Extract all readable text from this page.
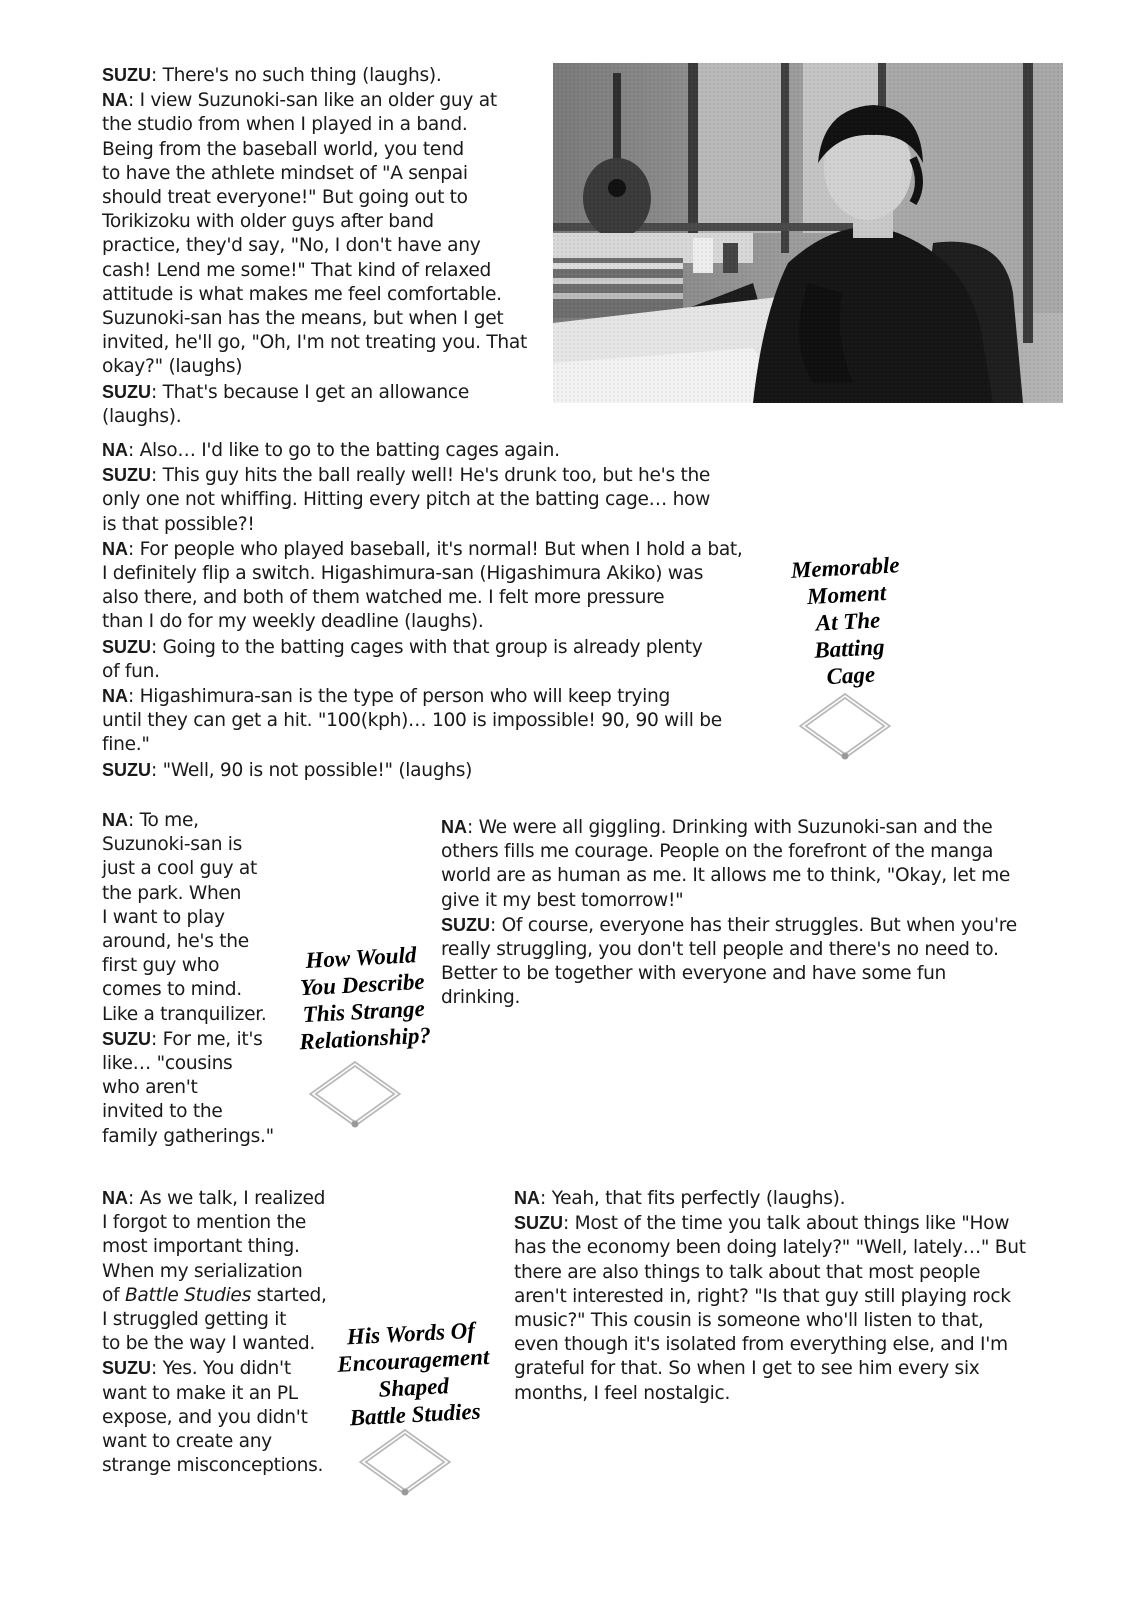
SUZU: There's no such thing (laughs).
NA: I view Suzunoki-san like an older guy at
the studio from when I played in a band.
Being from the baseball world, you tend
to have the athlete mindset of "A senpai
should treat everyone!" But going out to
Torikizoku with older guys after band
practice, they'd say, "No, I don't have any
cash! Lend me some!" That kind of relaxed
attitude is what makes me feel comfortable.
Suzunoki-san has the means, but when I get
invited, he'll go, "Oh, I'm not treating you. That
okay?" (laughs)
SUZU: That's because I get an allowance
(laughs).
NA: Also… I'd like to go to the batting cages again.
SUZU: This guy hits the ball really well! He's drunk too, but he's the
only one not whiffing. Hitting every pitch at the batting cage… how
is that possible?!
NA: For people who played baseball, it's normal! But when I hold a bat,
I definitely flip a switch. Higashimura-san (Higashimura Akiko) was
also there, and both of them watched me. I felt more pressure
than I do for my weekly deadline (laughs).
SUZU: Going to the batting cages with that group is already plenty
of fun.
NA: Higashimura-san is the type of person who will keep trying
until they can get a hit. "100(kph)… 100 is impossible! 90, 90 will be
fine."
SUZU: "Well, 90 is not possible!" (laughs)
Memorable
Moment
At The
Batting
Cage
NA: To me,
Suzunoki-san is
just a cool guy at
the park. When
I want to play
around, he's the
first guy who
comes to mind.
Like a tranquilizer.
SUZU: For me, it's
like… "cousins
who aren't
invited to the
family gatherings."
NA: We were all giggling. Drinking with Suzunoki-san and the
others fills me courage. People on the forefront of the manga
world are as human as me. It allows me to think, "Okay, let me
give it my best tomorrow!"
SUZU: Of course, everyone has their struggles. But when you're
really struggling, you don't tell people and there's no need to.
Better to be together with everyone and have some fun
drinking.
How Would
You Describe
This Strange
Relationship?
NA: As we talk, I realized
I forgot to mention the
most important thing.
When my serialization
of Battle Studies started,
I struggled getting it
to be the way I wanted.
SUZU: Yes. You didn't
want to make it an PL
expose, and you didn't
want to create any
strange misconceptions.
NA: Yeah, that fits perfectly (laughs).
SUZU: Most of the time you talk about things like "How
has the economy been doing lately?" "Well, lately…" But
there are also things to talk about that most people
aren't interested in, right? "Is that guy still playing rock
music?" This cousin is someone who'll listen to that,
even though it's isolated from everything else, and I'm
grateful for that. So when I get to see him every six
months, I feel nostalgic.
His Words Of
Encouragement
Shaped
Battle Studies
